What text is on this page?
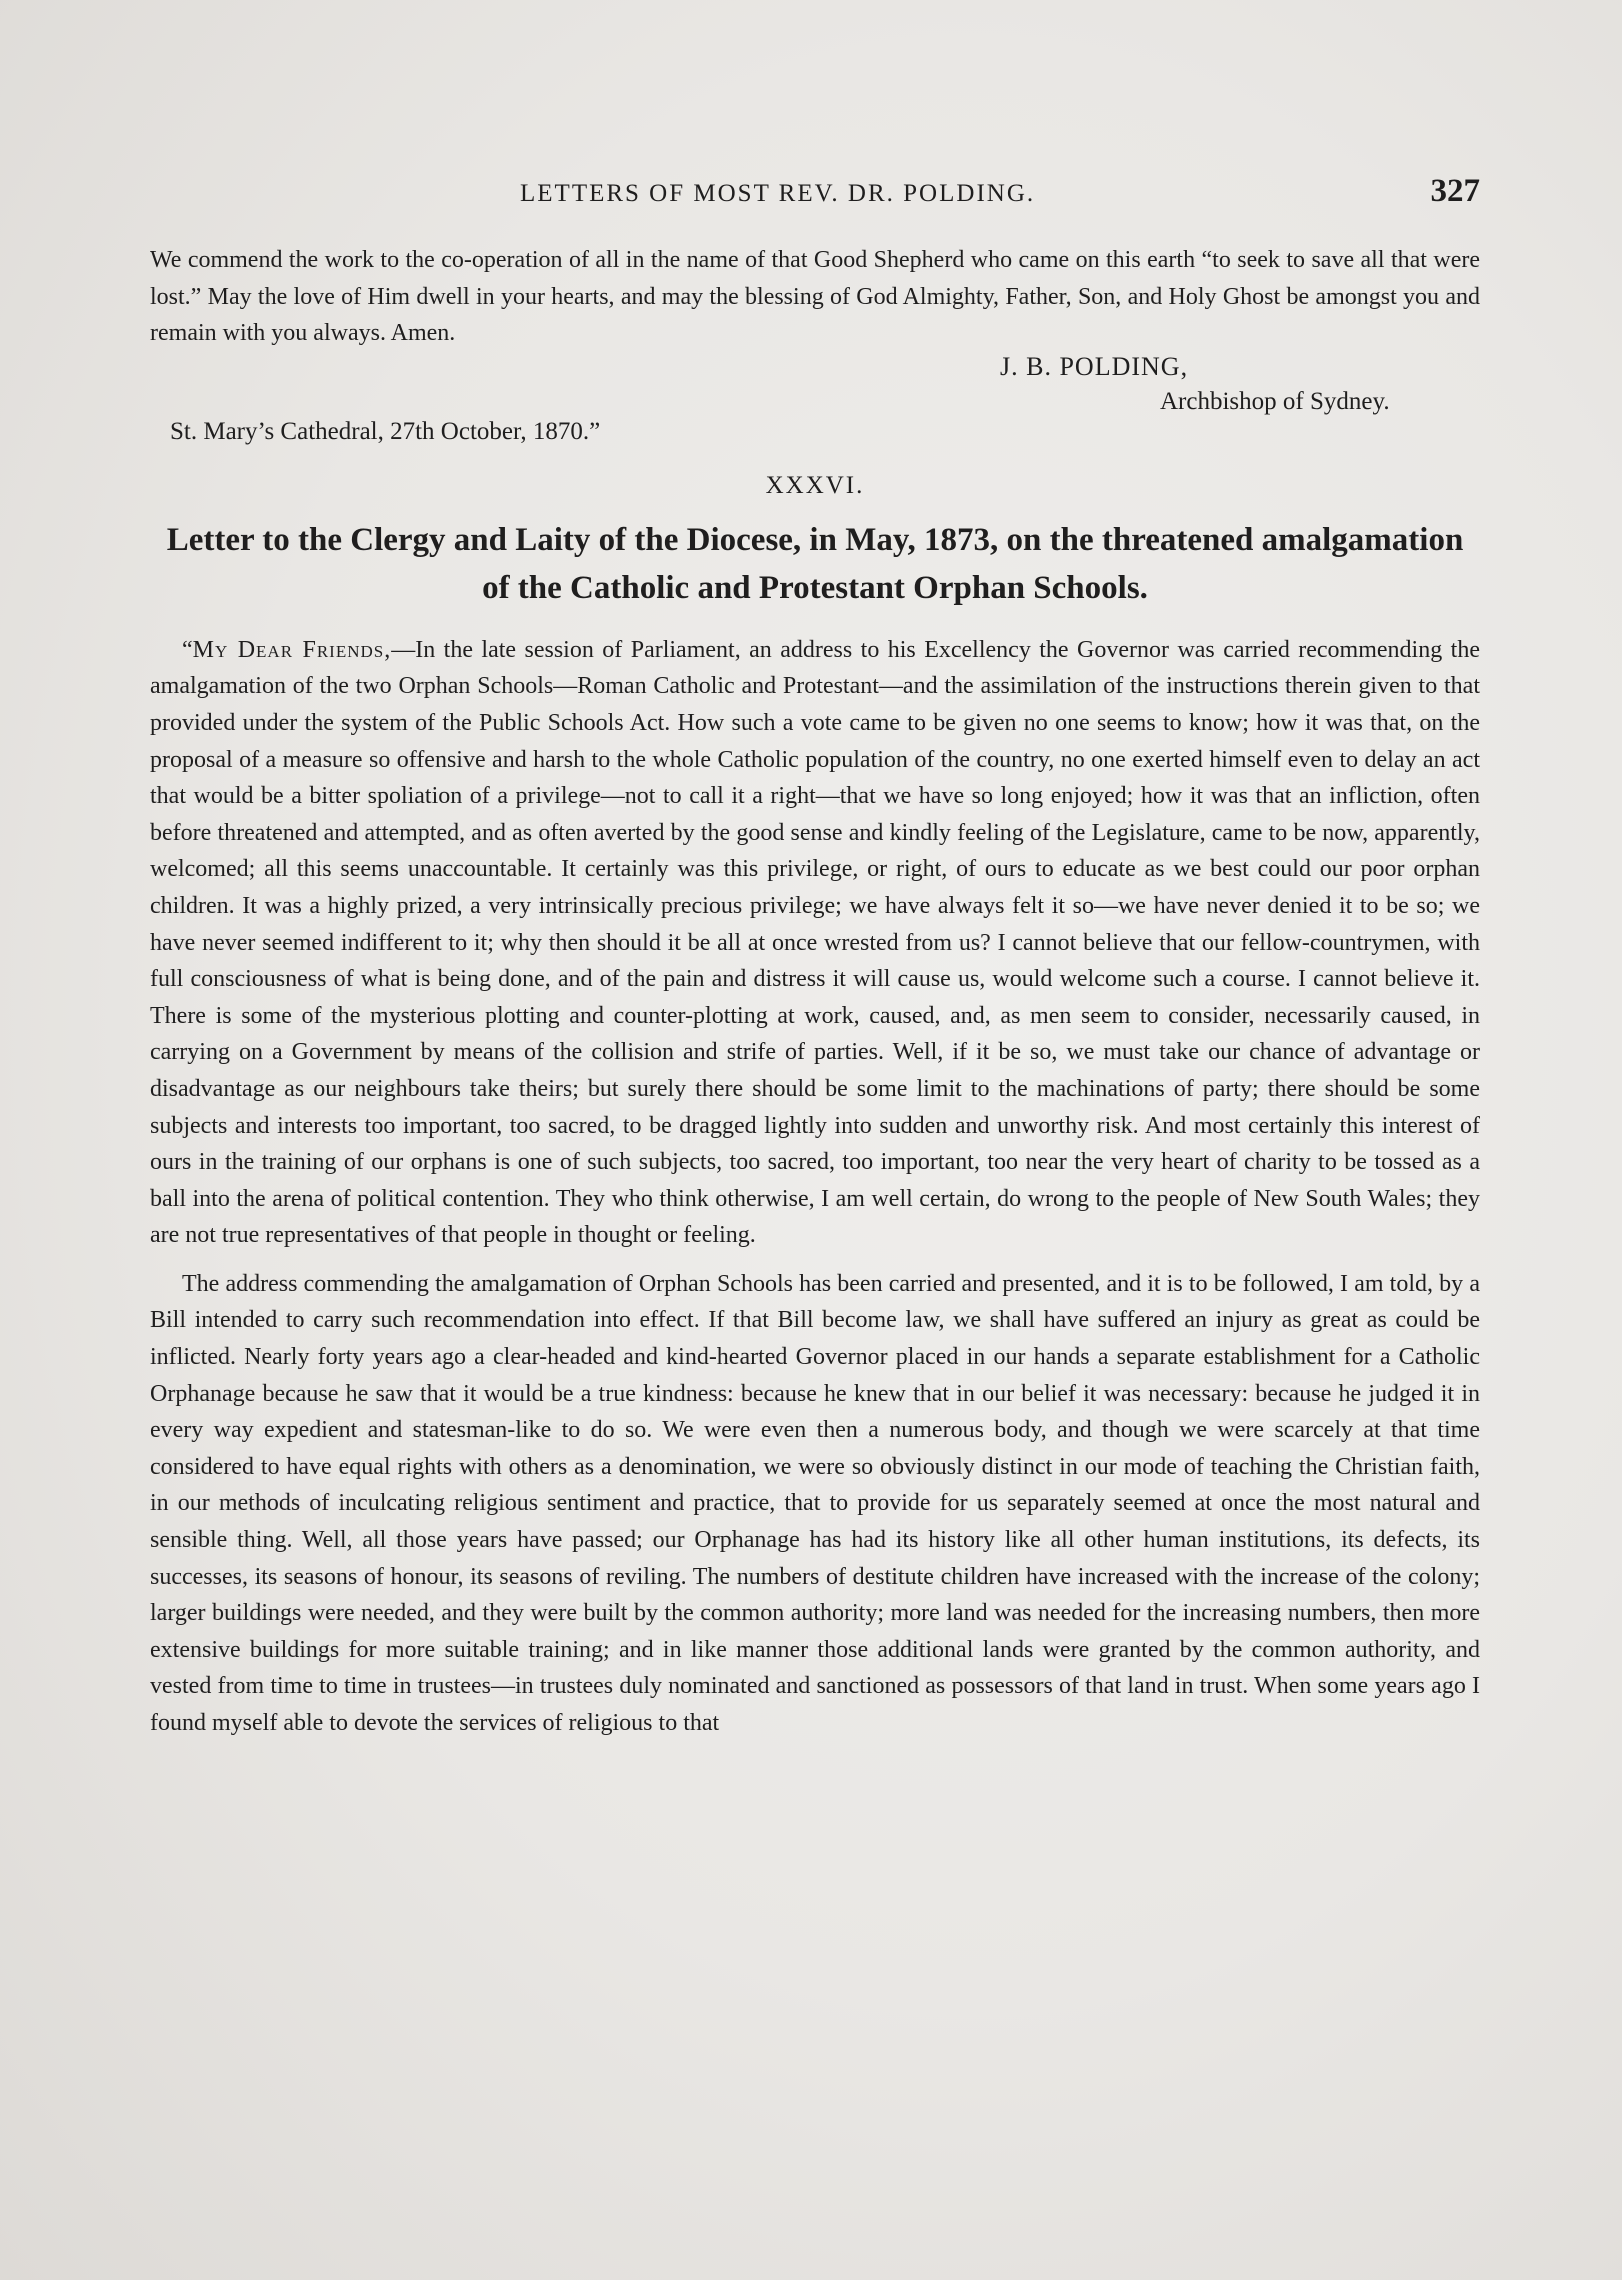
LETTERS OF MOST REV. DR. POLDING.	327

We commend the work to the co-operation of all in the name of that Good Shepherd who came on this earth “to seek to save all that were lost.” May the love of Him dwell in your hearts, and may the blessing of God Almighty, Father, Son, and Holy Ghost be amongst you and remain with you always. Amen.

J. B. POLDING,
Archbishop of Sydney.
St. Mary’s Cathedral, 27th October, 1870.”
XXXVI.
Letter to the Clergy and Laity of the Diocese, in May, 1873, on the threatened amalgamation of the Catholic and Protestant Orphan Schools.

“My Dear Friends,—In the late session of Parliament, an address to his Excellency the Governor was carried recommending the amalgamation of the two Orphan Schools—Roman Catholic and Protestant—and the assimilation of the instructions therein given to that provided under the system of the Public Schools Act. How such a vote came to be given no one seems to know; how it was that, on the proposal of a measure so offensive and harsh to the whole Catholic population of the country, no one exerted himself even to delay an act that would be a bitter spoliation of a privilege—not to call it a right—that we have so long enjoyed; how it was that an infliction, often before threatened and attempted, and as often averted by the good sense and kindly feeling of the Legislature, came to be now, apparently, welcomed; all this seems unaccountable. It certainly was this privilege, or right, of ours to educate as we best could our poor orphan children. It was a highly prized, a very intrinsically precious privilege; we have always felt it so—we have never denied it to be so; we have never seemed indifferent to it; why then should it be all at once wrested from us? I cannot believe that our fellow-countrymen, with full consciousness of what is being done, and of the pain and distress it will cause us, would welcome such a course. I cannot believe it. There is some of the mysterious plotting and counter-plotting at work, caused, and, as men seem to consider, necessarily caused, in carrying on a Government by means of the collision and strife of parties. Well, if it be so, we must take our chance of advantage or disadvantage as our neighbours take theirs; but surely there should be some limit to the machinations of party; there should be some subjects and interests too important, too sacred, to be dragged lightly into sudden and unworthy risk. And most certainly this interest of ours in the training of our orphans is one of such subjects, too sacred, too important, too near the very heart of charity to be tossed as a ball into the arena of political contention. They who think otherwise, I am well certain, do wrong to the people of New South Wales; they are not true representatives of that people in thought or feeling.

The address commending the amalgamation of Orphan Schools has been carried and presented, and it is to be followed, I am told, by a Bill intended to carry such recommendation into effect. If that Bill become law, we shall have suffered an injury as great as could be inflicted. Nearly forty years ago a clear-headed and kind-hearted Governor placed in our hands a separate establishment for a Catholic Orphanage because he saw that it would be a true kindness: because he knew that in our belief it was necessary: because he judged it in every way expedient and statesman-like to do so. We were even then a numerous body, and though we were scarcely at that time considered to have equal rights with others as a denomination, we were so obviously distinct in our mode of teaching the Christian faith, in our methods of inculcating religious sentiment and practice, that to provide for us separately seemed at once the most natural and sensible thing. Well, all those years have passed; our Orphanage has had its history like all other human institutions, its defects, its successes, its seasons of honour, its seasons of reviling. The numbers of destitute children have increased with the increase of the colony; larger buildings were needed, and they were built by the common authority; more land was needed for the increasing numbers, then more extensive buildings for more suitable training; and in like manner those additional lands were granted by the common authority, and vested from time to time in trustees—in trustees duly nominated and sanctioned as possessors of that land in trust. When some years ago I found myself able to devote the services of religious to that
